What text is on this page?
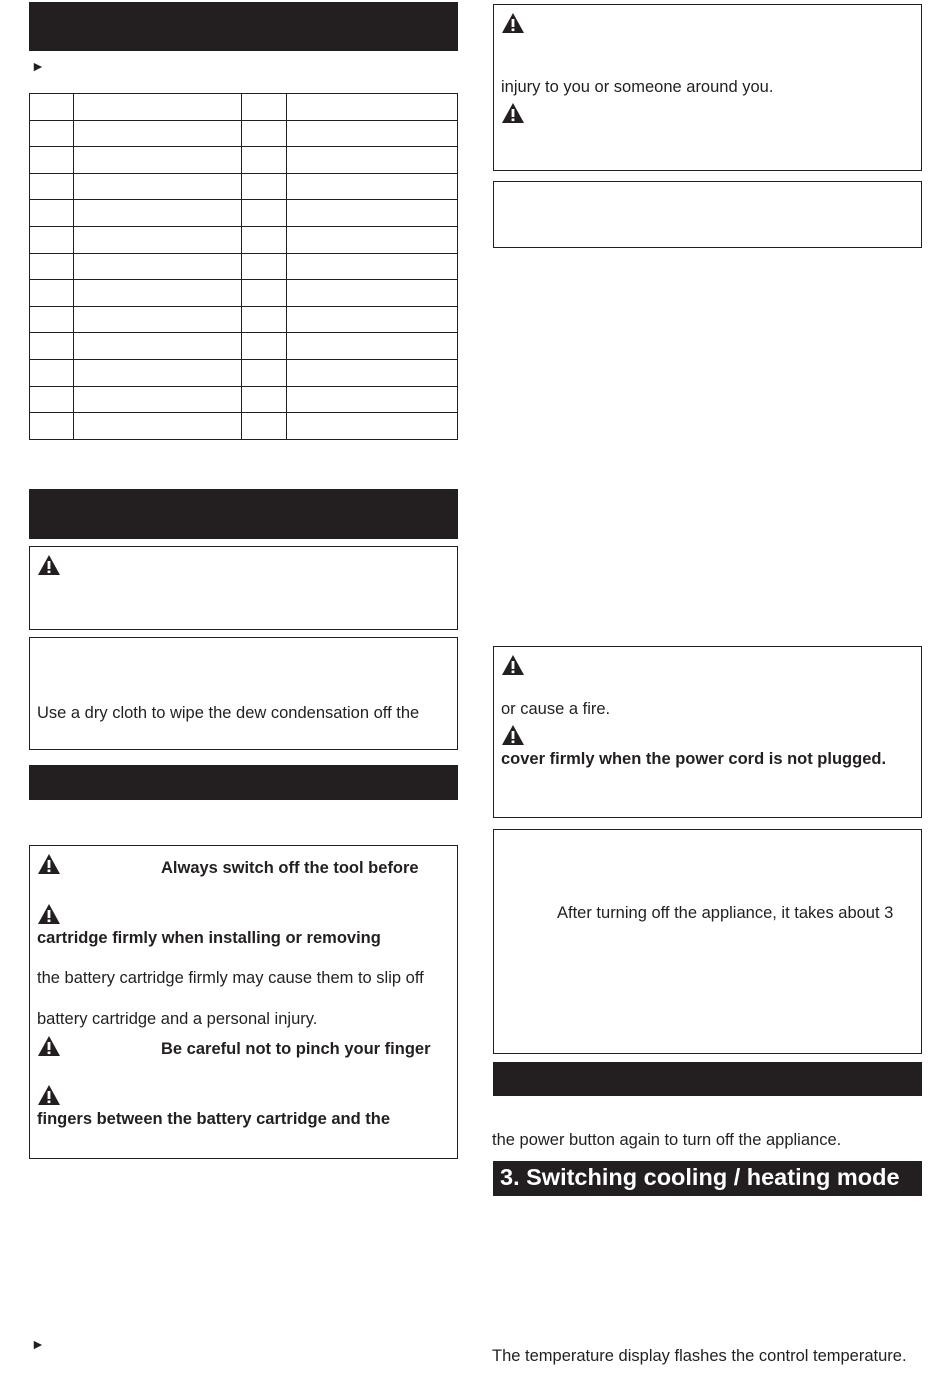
►

Use a dry cloth to wipe the dew condensation off the
Always switch off the tool before
cartridge firmly when installing or removing
the battery cartridge firmly may cause them to slip off
battery cartridge and a personal injury.
Be careful not to pinch your finger
fingers between the battery cartridge and the
►
injury to you or someone around you.
or cause a fire.
cover firmly when the power cord is not plugged.
After turning off the appliance, it takes about 3
the power button again to turn off the appliance.
3. Switching cooling / heating mode
The temperature display flashes the control temperature.
